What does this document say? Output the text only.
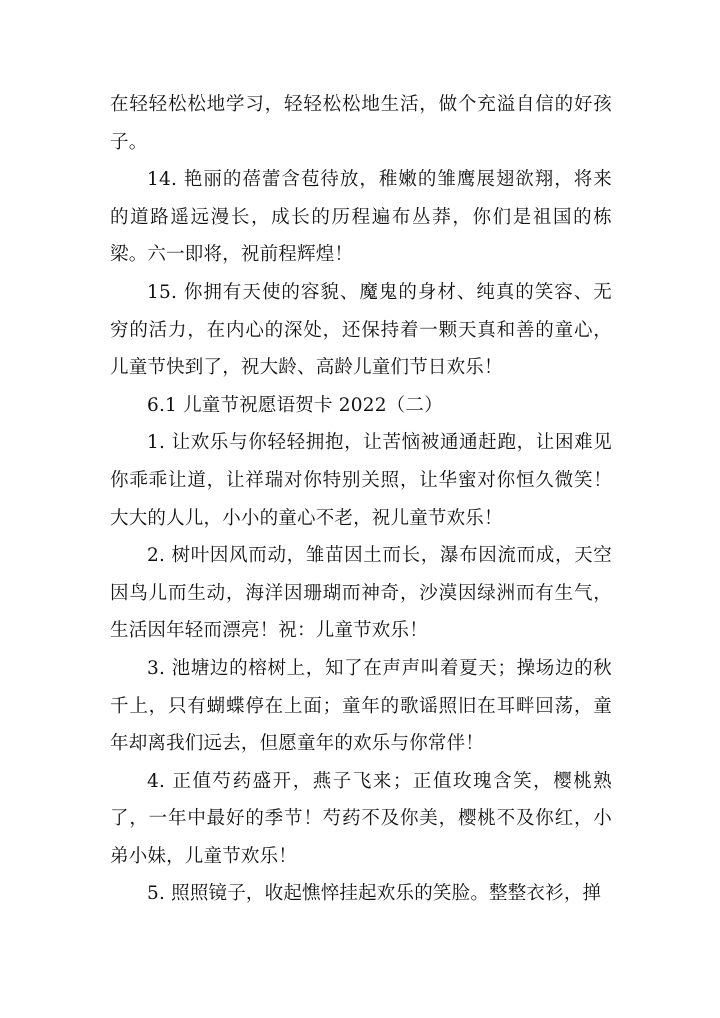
在轻轻松松地学习，轻轻松松地生活，做个充溢自信的好孩子。

14. 艳丽的蓓蕾含苞待放，稚嫩的雏鹰展翅欲翔，将来的道路遥远漫长，成长的历程遍布丛莽，你们是祖国的栋梁。六一即将，祝前程辉煌！

15. 你拥有天使的容貌、魔鬼的身材、纯真的笑容、无穷的活力，在内心的深处，还保持着一颗天真和善的童心，儿童节快到了，祝大龄、高龄儿童们节日欢乐！

6.1 儿童节祝愿语贺卡 2022（二）

1. 让欢乐与你轻轻拥抱，让苦恼被通通赶跑，让困难见你乖乖让道，让祥瑞对你特别关照，让华蜜对你恒久微笑！大大的人儿，小小的童心不老，祝儿童节欢乐！

2. 树叶因风而动，雏苗因土而长，瀑布因流而成，天空因鸟儿而生动，海洋因珊瑚而神奇，沙漠因绿洲而有生气，生活因年轻而漂亮！祝：儿童节欢乐！

3. 池塘边的榕树上，知了在声声叫着夏天；操场边的秋千上，只有蝴蝶停在上面；童年的歌谣照旧在耳畔回荡，童年却离我们远去，但愿童年的欢乐与你常伴！

4. 正值芍药盛开，燕子飞来；正值玫瑰含笑，樱桃熟了，一年中最好的季节！芍药不及你美，樱桃不及你红，小弟小妹，儿童节欢乐！

5. 照照镜子，收起憔悴挂起欢乐的笑脸。整整衣衫，掸
